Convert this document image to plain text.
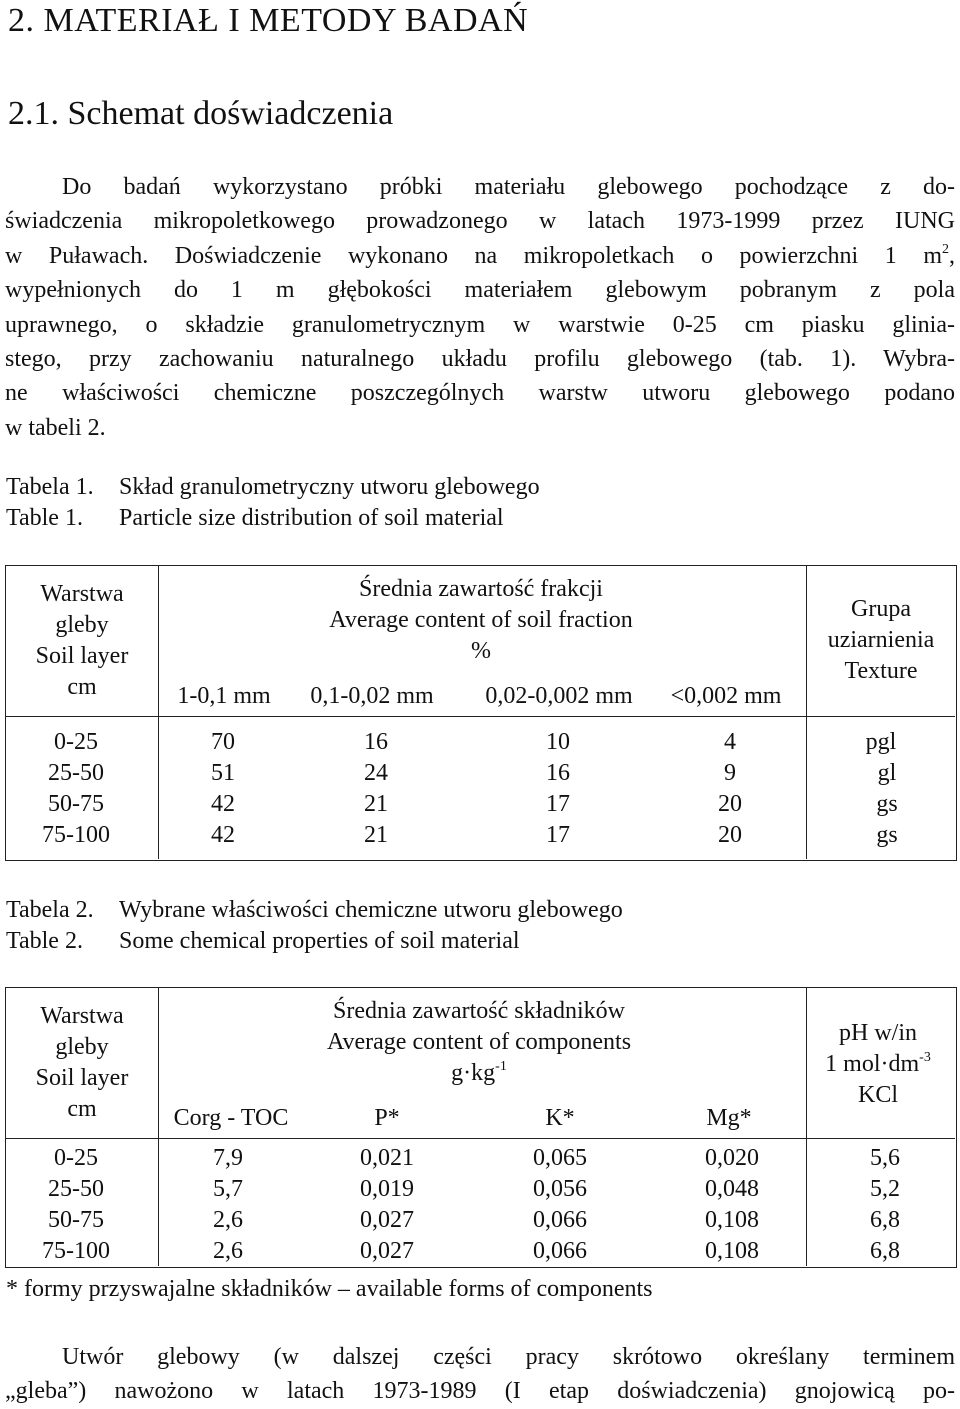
2. MATERIAŁ I METODY BADAŃ
2.1. Schemat doświadczenia
Do badań wykorzystano próbki materiału glebowego pochodzące z do-
świadczenia mikropoletkowego prowadzonego w latach 1973-1999 przez IUNG
w Puławach. Doświadczenie wykonano na mikropoletkach o powierzchni 1 $m^2$,
wypełnionych do 1 m głębokości materiałem glebowym pobranym z pola
uprawnego, o składzie granulometrycznym w warstwie 0-25 cm piasku glinia-
stego, przy zachowaniu naturalnego układu profilu glebowego (tab. 1). Wybra-
ne właściwości chemiczne poszczególnych warstw utworu glebowego podano
w tabeli 2.
Tabela 1. Skład granulometryczny utworu glebowego
Table 1. Particle size distribution of soil material
Warstwa
gleby
Soil layer
cm
Średnia zawartość frakcji
Average content of soil fraction
%
1-0,1 mm 0,1-0,02 mm 0,02-0,002 mm <0,002 mm
Grupa
uziarnienia
Texture
0-25	70	16	10	4	pgl
25-50	51	24	16	9	gl
50-75	42	21	17	20	gs
75-100	42	21	17	20	gs
Tabela 2. Wybrane właściwości chemiczne utworu glebowego
Table 2. Some chemical properties of soil material
Warstwa
gleby
Soil layer
cm
Średnia zawartość składników
Average content of components
$g\cdot kg^{-1}$
Corg - TOC	P*	K*	Mg*
pH w/in
1 $mol\cdot dm^{-3}$
KCl
0-25	7,9	0,021	0,065	0,020	5,6
25-50	5,7	0,019	0,056	0,048	5,2
50-75	2,6	0,027	0,066	0,108	6,8
75-100	2,6	0,027	0,066	0,108	6,8
* formy przyswajalne składników – available forms of components
Utwór glebowy (w dalszej części pracy skrótowo określany terminem
„gleba”) nawożono w latach 1973-1989 (I etap doświadczenia) gnojowicą po-
